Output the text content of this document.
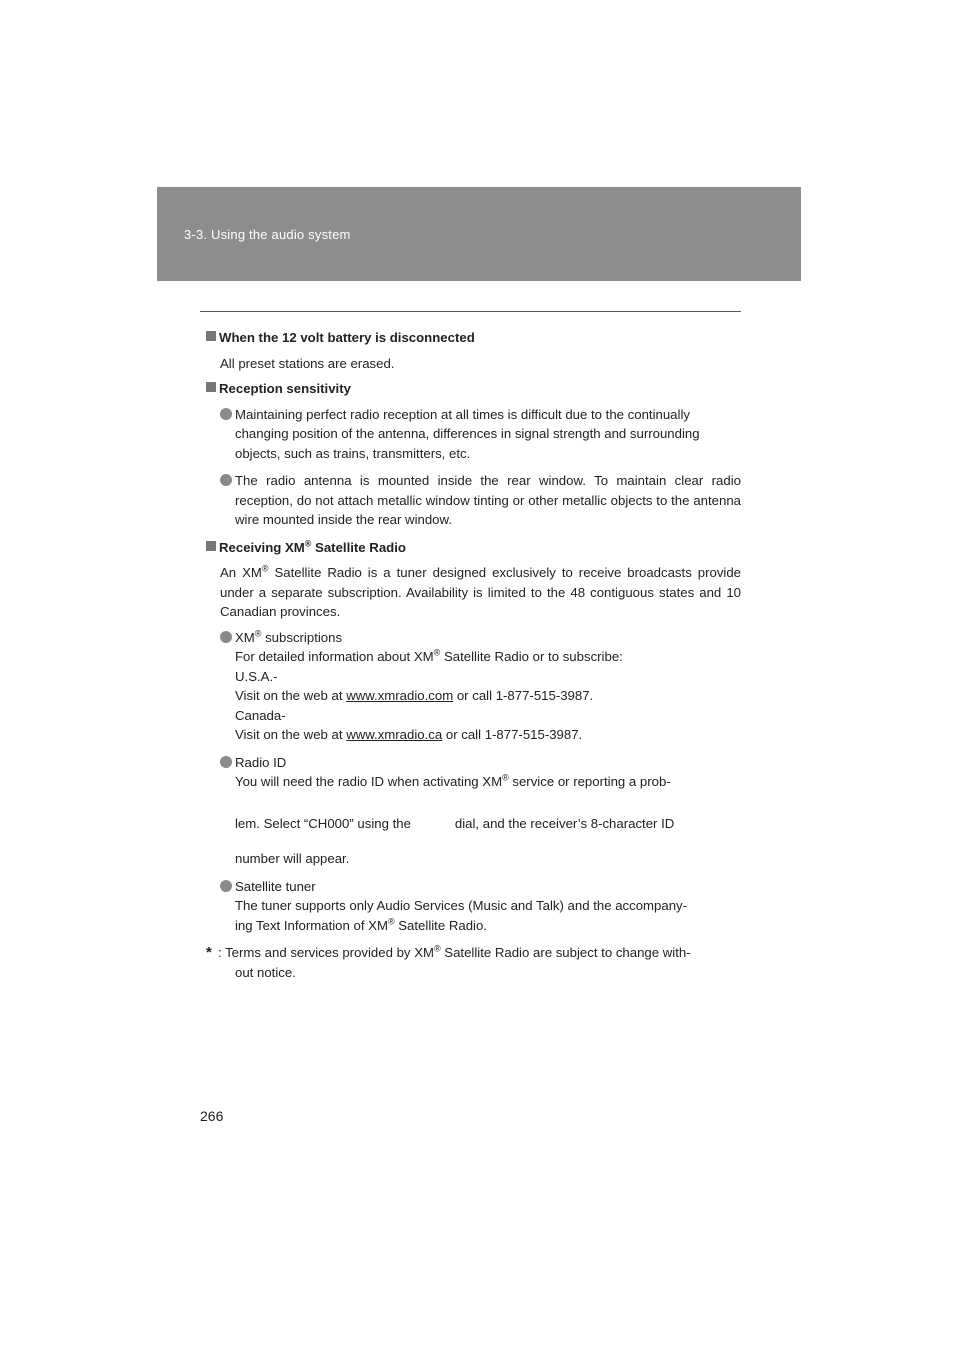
3-3. Using the audio system
When the 12 volt battery is disconnected
All preset stations are erased.
Reception sensitivity
Maintaining perfect radio reception at all times is difficult due to the continually changing position of the antenna, differences in signal strength and surrounding objects, such as trains, transmitters, etc.
The radio antenna is mounted inside the rear window. To maintain clear radio reception, do not attach metallic window tinting or other metallic objects to the antenna wire mounted inside the rear window.
Receiving XM® Satellite Radio
An XM® Satellite Radio is a tuner designed exclusively to receive broadcasts provide under a separate subscription. Availability is limited to the 48 contiguous states and 10 Canadian provinces.
XM® subscriptions
For detailed information about XM® Satellite Radio or to subscribe:
U.S.A.-
Visit on the web at www.xmradio.com or call 1-877-515-3987.
Canada-
Visit on the web at www.xmradio.ca or call 1-877-515-3987.
Radio ID
You will need the radio ID when activating XM® service or reporting a prob-
lem. Select “CH000” using the            dial, and the receiver’s 8-character ID
number will appear.
Satellite tuner
The tuner supports only Audio Services (Music and Talk) and the accompany-
ing Text Information of XM® Satellite Radio.
* : Terms and services provided by XM® Satellite Radio are subject to change with-
out notice.
266
